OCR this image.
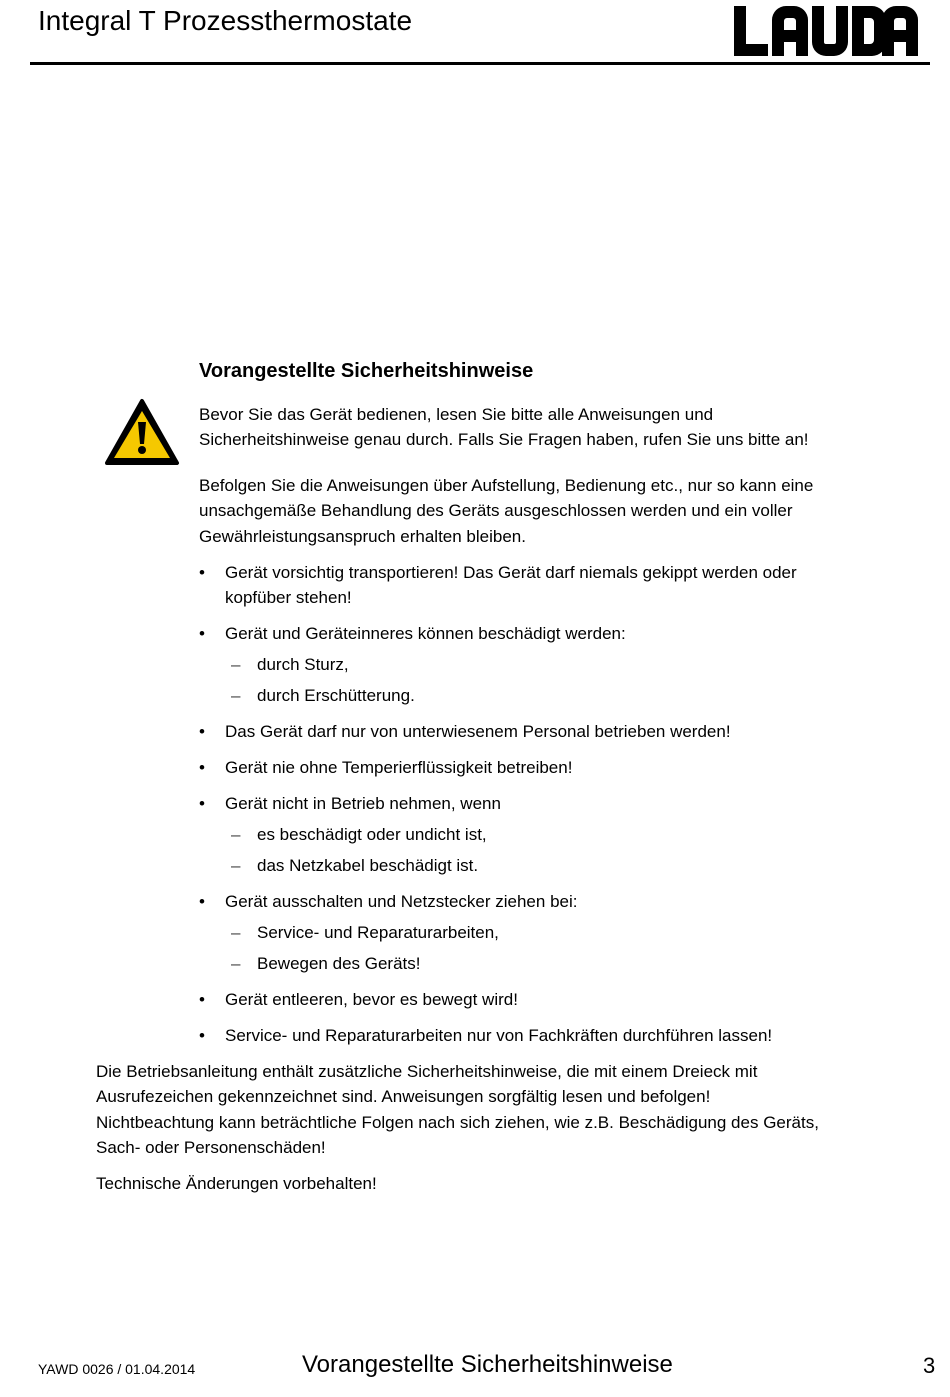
Integral T Prozessthermostate	LAUDA
Vorangestellte Sicherheitshinweise
Bevor Sie das Gerät bedienen, lesen Sie bitte alle Anweisungen und
Sicherheitshinweise genau durch. Falls Sie Fragen haben, rufen Sie uns bitte an!
Befolgen Sie die Anweisungen über Aufstellung, Bedienung etc., nur so kann eine
unsachgemäße Behandlung des Geräts ausgeschlossen werden und ein voller
Gewährleistungsanspruch erhalten bleiben.
• Gerät vorsichtig transportieren! Das Gerät darf niemals gekippt werden oder
kopfüber stehen!
• Gerät und Geräteinneres können beschädigt werden:
– durch Sturz,
– durch Erschütterung.
• Das Gerät darf nur von unterwiesenem Personal betrieben werden!
• Gerät nie ohne Temperierflüssigkeit betreiben!
• Gerät nicht in Betrieb nehmen, wenn
– es beschädigt oder undicht ist,
– das Netzkabel beschädigt ist.
• Gerät ausschalten und Netzstecker ziehen bei:
– Service- und Reparaturarbeiten,
– Bewegen des Geräts!
• Gerät entleeren, bevor es bewegt wird!
• Service- und Reparaturarbeiten nur von Fachkräften durchführen lassen!
Die Betriebsanleitung enthält zusätzliche Sicherheitshinweise, die mit einem Dreieck mit
Ausrufezeichen gekennzeichnet sind. Anweisungen sorgfältig lesen und befolgen!
Nichtbeachtung kann beträchtliche Folgen nach sich ziehen, wie z.B. Beschädigung des Geräts,
Sach- oder Personenschäden!
Technische Änderungen vorbehalten!
YAWD 0026 / 01.04.2014	Vorangestellte Sicherheitshinweise	3
